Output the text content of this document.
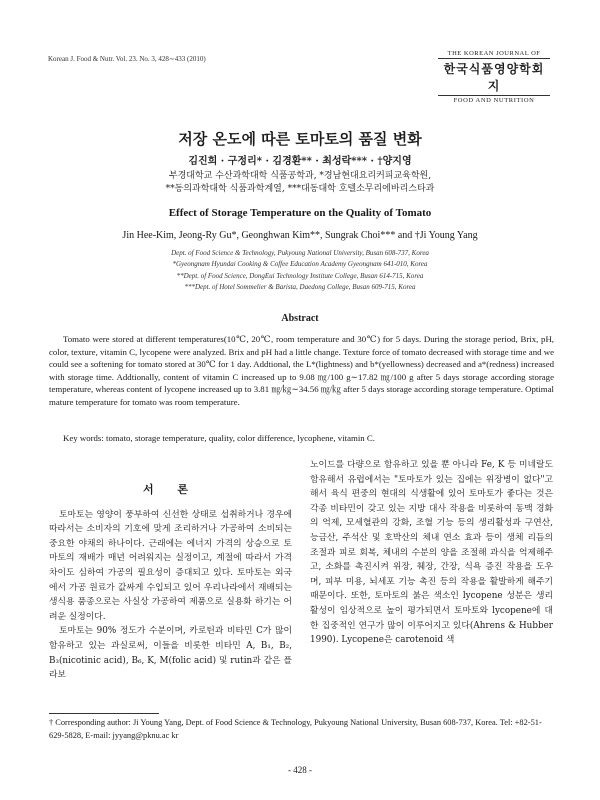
Korean J. Food & Nutr. Vol. 23. No. 3, 428∼433 (2010)
THE KOREAN JOURNAL OF
한국식품영양학회지
FOOD AND NUTRITION
저장 온도에 따른 토마토의 품질 변화
김진희 · 구정리* · 김경환** · 최성락*** · †양지영
부경대학교 수산과학대학 식품공학과, *경남현대요리커피교육학원,
**동의과학대학 식품과학계열, ***대동대학 호텔소무리에바리스타과
Effect of Storage Temperature on the Quality of Tomato
Jin Hee-Kim, Jeong-Ry Gu*, Geonghwan Kim**, Sungrak Choi*** and †Ji Young Yang
Dept. of Food Science & Technology, Pukyoung National University, Busan 608-737, Korea
*Gyeongnam Hyundai Cooking & Coffee Education Academy Gyeongnam 641-010, Korea
**Dept. of Food Science, DongEui Technology Institute College, Busan 614-715, Korea
***Dept. of Hotel Sommelier & Barista, Daedong College, Busan 609-715, Korea
Abstract
Tomato were stored at different temperatures(10℃, 20℃, room temperature and 30℃) for 5 days. During the storage period, Brix, pH, color, texture, vitamin C, lycopene were analyzed. Brix and pH had a little change. Texture force of tomato decreased with storage time and we could see a softening for tomato stored at 30℃ for 1 day. Addtional, the L*(lightness) and b*(yellowness) decreased and a*(redness) increased with storage time. Addtionally, content of vitamin C increased up to 9.08 ㎎/100 g∼17.82 ㎎/100 g after 5 days storage according storage temperature, whereas content of lycopene increased up to 3.81 ㎎/㎏∼34.56 ㎎/㎏ after 5 days storage according storage temperature. Optimal mature temperature for tomato was room temperature.
Key words: tomato, storage temperature, quality, color difference, lycophene, vitamin C.
서 론

토마토는 영양이 풍부하여 신선한 상태로 섭취하거나 경우에 따라서는 소비자의 기호에 맞게 조리하거나 가공하여 소비되는 중요한 야채의 하나이다. 근래에는 에너지 가격의 상승으로 토마토의 재배가 매년 어려워지는 실정이고, 계절에 따라서 가격 차이도 심하여 가공의 필요성이 증대되고 있다. 토마토는 외국에서 가공 원료가 값싸게 수입되고 있어 우리나라에서 재배되는 생식용 품종으로는 사실상 가공하여 제품으로 실용화 하기는 어려운 실정이다.

토마토는 90% 정도가 수분이며, 카로틴과 비타민 C가 많이 함유하고 있는 과실로써, 이들을 비롯한 비타민 A, B₁, B₂, B₃(nicotinic acid), B₆, K, M(folic acid) 및 rutin과 같은 플라보

노이드를 다량으로 함유하고 있을 뿐 아니라 Fe, K 등 미네랄도 함유해서 유럽에서는 "토마토가 있는 집에는 위장병이 없다"고 해서 육식 편중의 현대의 식생활에 있어 토마토가 좋다는 것은 각종 비타민이 갖고 있는 지방 대사 작용을 비롯하여 동맥 경화의 억제, 모세혈관의 강화, 조혈 기능 등의 생리활성과 구연산, 능금산, 주석산 및 호박산의 체내 연소 효과 등이 생체 리듬의 조절과 피로 회복, 체내의 수분의 양을 조절해 과식을 억제해주고, 소화를 촉진시켜 위장, 췌장, 간장, 식욕 증진 작용을 도우며, 피부 미용, 뇌세포 기능 촉진 등의 작용을 활발하게 해주기 때문이다. 또한, 토마토의 붉은 색소인 lycopene 성분은 생리활성이 임상적으로 높이 평가되면서 토마토와 lycopene에 대한 집중적인 연구가 많이 이루어지고 있다(Ahrens & Hubber 1990). Lycopene은 carotenoid 색

† Corresponding author: Ji Young Yang, Dept. of Food Science & Technology, Pukyoung National University, Busan 608-737, Korea. Tel: +82-51-629-5828, E-mail: jyyang@pknu.ac kr
- 428 -
